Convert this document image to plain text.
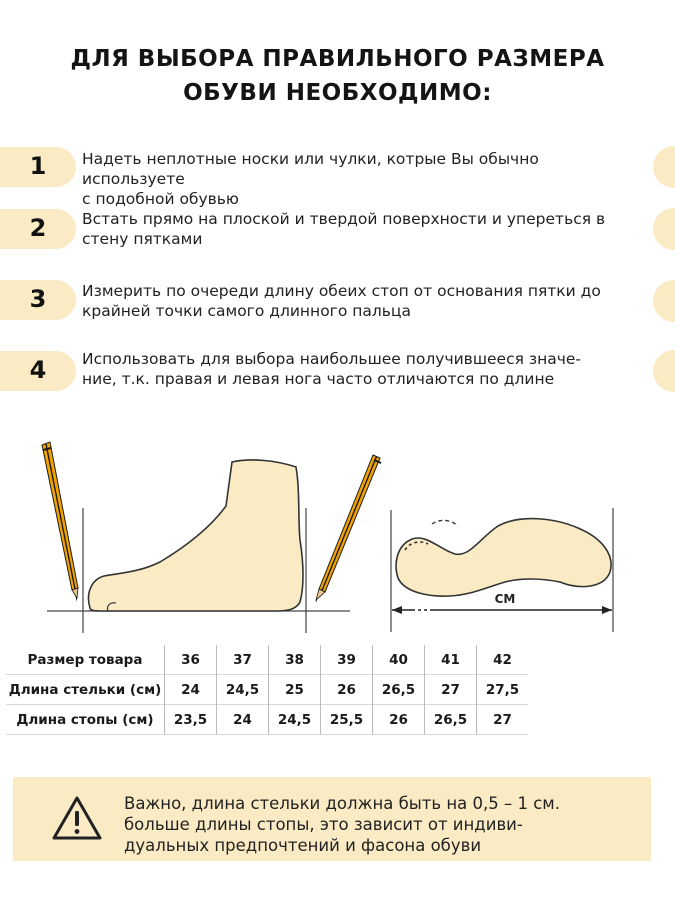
ДЛЯ ВЫБОРА ПРАВИЛЬНОГО РАЗМЕРА
ОБУВИ НЕОБХОДИМО:
1	Надеть неплотные носки или чулки, котрые Вы обычно используете
с подобной обувью
2	Встать прямо на плоской и твердой поверхности и упереться в
стену пятками
3	Измерить по очереди длину обеих стоп от основания пятки до
крайней точки самого длинного пальца
4	Использовать для выбора наибольшее получившееся значе-
ние, т.к. правая и левая нога часто отличаются по длине
СМ
Размер товара	36	37	38	39	40	41	42
Длина стельки (см)	24	24,5	25	26	26,5	27	27,5
Длина стопы (см)	23,5	24	24,5	25,5	26	26,5	27
Важно, длина стельки должна быть на 0,5 – 1 см.
больше длины стопы, это зависит от индиви-
дуальных предпочтений и фасона обуви
